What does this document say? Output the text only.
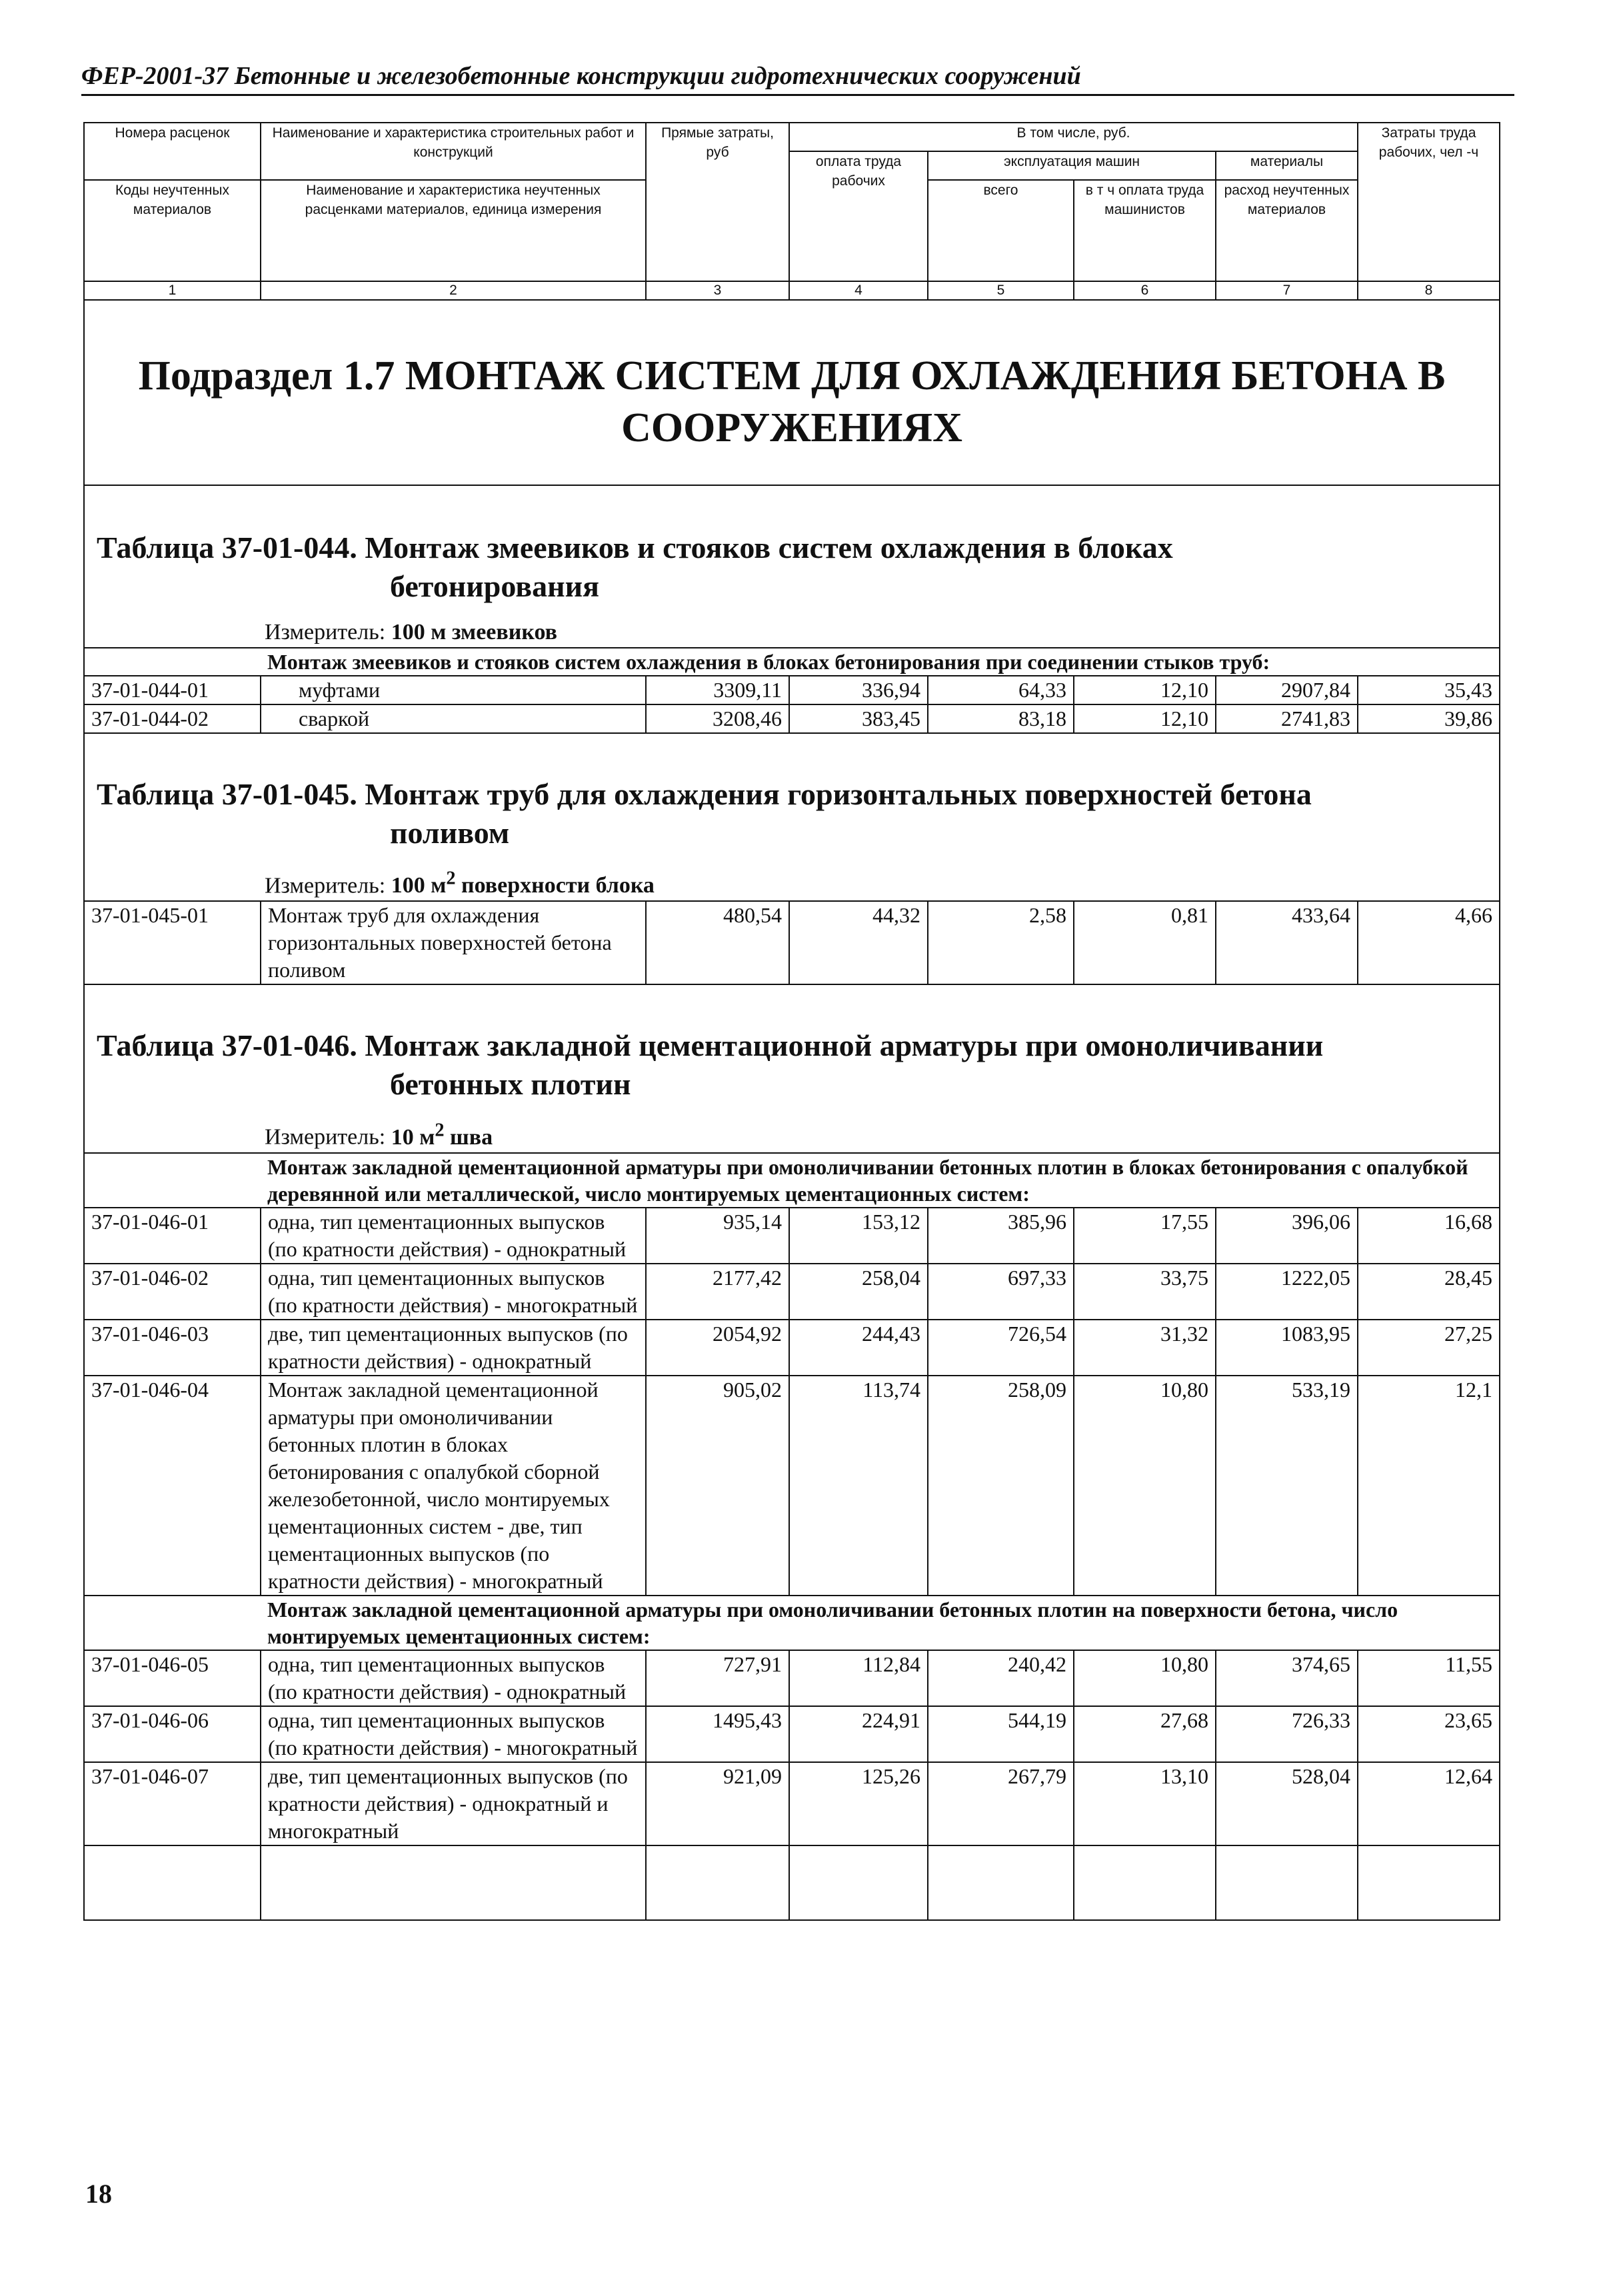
ФЕР-2001-37 Бетонные и железобетонные конструкции гидротехнических сооружений
Номера расценок	Наименование и характеристика строительных работ и конструкций	Прямые затраты, руб	В том числе, руб.				Затраты труда рабочих, чел -ч
			оплата труда рабочих	эксплуатация машин		материалы	
Коды неучтенных материалов	Наименование и характеристика неучтенных расценками материалов, единица измерения			всего	в т ч оплата труда машинистов	расход неучтенных материалов	

1	2	3	4	5	6	7	8

Подраздел 1.7 МОНТАЖ СИСТЕМ ДЛЯ ОХЛАЖДЕНИЯ БЕТОНА В СООРУЖЕНИЯХ							

Таблица 37-01-044. Монтаж змеевиков и стояков систем охлаждения в блоках
бетонирования
Измеритель: 100 м змеевиков							

	Монтаж змеевиков и стояков систем охлаждения в блоках бетонирования при соединении стыков труб:						
37-01-044-01	муфтами	3309,11	336,94	64,33	12,10	2907,84	35,43
37-01-044-02	сваркой	3208,46	383,45	83,18	12,10	2741,83	39,86

Таблица 37-01-045. Монтаж труб для охлаждения горизонтальных поверхностей бетона
поливом
Измеритель: 100 $м^2$ поверхности блока							

37-01-045-01	Монтаж труб для охлаждения горизонтальных поверхностей бетона поливом	480,54	44,32	2,58	0,81	433,64	4,66

Таблица 37-01-046. Монтаж закладной цементационной арматуры при омоноличивании
бетонных плотин
Измеритель: 10 $м^2$ шва							

	Монтаж закладной цементационной арматуры при омоноличивании бетонных плотин в блоках бетонирования с опалубкой деревянной или металлической, число монтируемых цементационных систем:						
37-01-046-01	одна, тип цементационных выпусков (по кратности действия) - однократный	935,14	153,12	385,96	17,55	396,06	16,68
37-01-046-02	одна, тип цементационных выпусков (по кратности действия) - многократный	2177,42	258,04	697,33	33,75	1222,05	28,45
37-01-046-03	две, тип цементационных выпусков (по кратности действия) - однократный	2054,92	244,43	726,54	31,32	1083,95	27,25
37-01-046-04	Монтаж закладной цементационной арматуры при омоноличивании бетонных плотин в блоках бетонирования с опалубкой сборной железобетонной, число монтируемых цементационных систем - две, тип цементационных выпусков (по кратности действия) - многократный	905,02	113,74	258,09	10,80	533,19	12,1
	Монтаж закладной цементационной арматуры при омоноличивании бетонных плотин на поверхности бетона, число монтируемых цементационных систем:						
37-01-046-05	одна, тип цементационных выпусков (по кратности действия) - однократный	727,91	112,84	240,42	10,80	374,65	11,55
37-01-046-06	одна, тип цементационных выпусков (по кратности действия) - многократный	1495,43	224,91	544,19	27,68	726,33	23,65
37-01-046-07	две, тип цементационных выпусков (по кратности действия) - однократный и многократный	921,09	125,26	267,79	13,10	528,04	12,64

18
